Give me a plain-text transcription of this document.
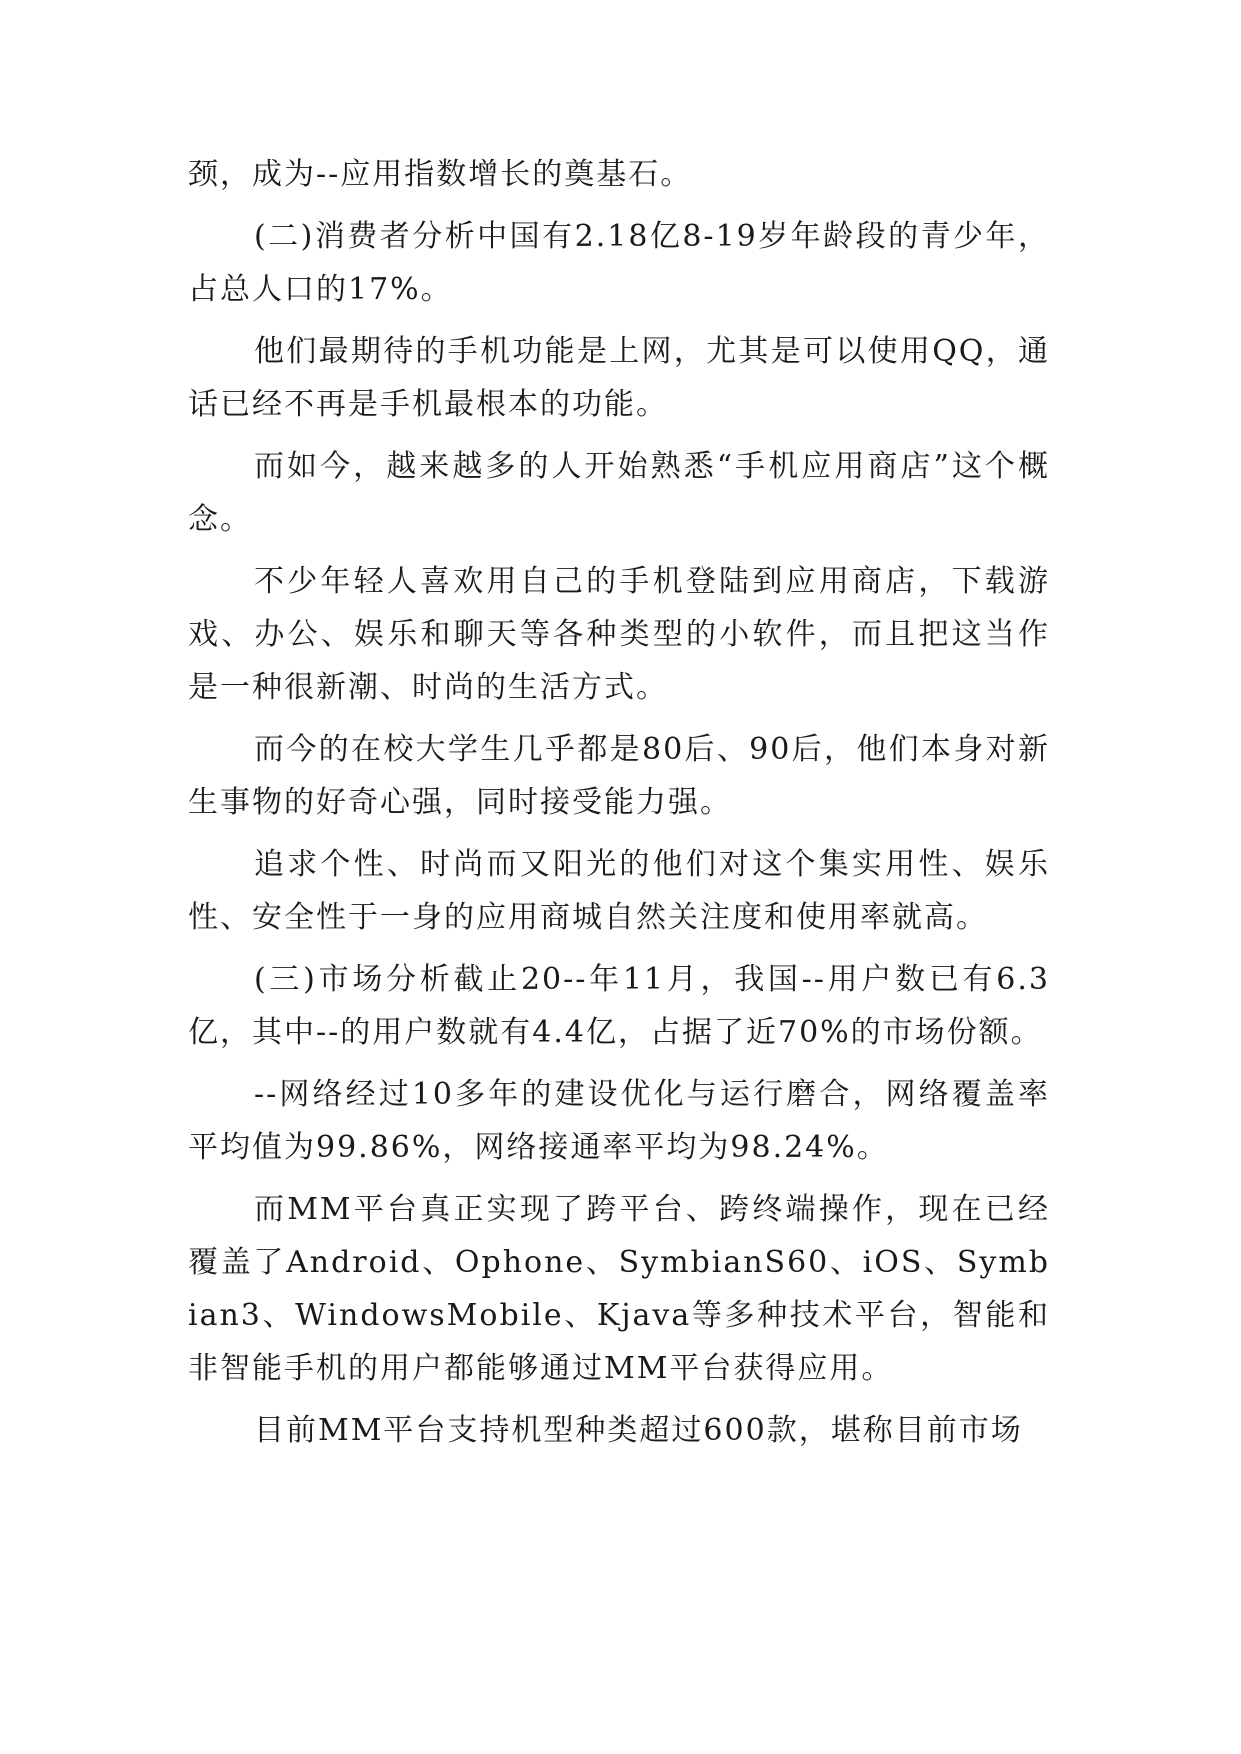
颈，成为--应用指数增长的奠基石。

(二)消费者分析中国有2.18亿8-19岁年龄段的青少年，占总人口的17%。

他们最期待的手机功能是上网，尤其是可以使用QQ，通话已经不再是手机最根本的功能。

而如今，越来越多的人开始熟悉“手机应用商店”这个概念。

不少年轻人喜欢用自己的手机登陆到应用商店，下载游戏、办公、娱乐和聊天等各种类型的小软件，而且把这当作是一种很新潮、时尚的生活方式。

而今的在校大学生几乎都是80后、90后，他们本身对新生事物的好奇心强，同时接受能力强。

追求个性、时尚而又阳光的他们对这个集实用性、娱乐性、安全性于一身的应用商城自然关注度和使用率就高。

(三)市场分析截止20--年11月，我国--用户数已有6.3亿，其中--的用户数就有4.4亿，占据了近70%的市场份额。

--网络经过10多年的建设优化与运行磨合，网络覆盖率平均值为99.86%，网络接通率平均为98.24%。

而MM平台真正实现了跨平台、跨终端操作，现在已经覆盖了Android、Ophone、SymbianS60、iOS、Symbian3、WindowsMobile、Kjava等多种技术平台，智能和非智能手机的用户都能够通过MM平台获得应用。

目前MM平台支持机型种类超过600款，堪称目前市场
